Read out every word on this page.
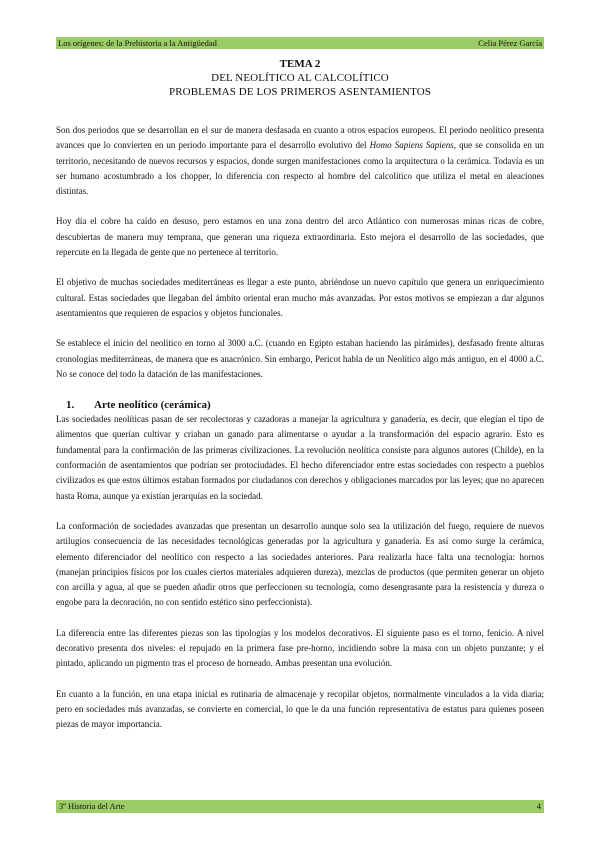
Los orígenes: de la Prehistoria a la Antigüedad	Celia Pérez García
TEMA 2
DEL NEOLÍTICO AL CALCOLÍTICO
PROBLEMAS DE LOS PRIMEROS ASENTAMIENTOS

Son dos periodos que se desarrollan en el sur de manera desfasada en cuanto a otros espacios europeos. El periodo neolítico presenta avances que lo convierten en un periodo importante para el desarrollo evolutivo del Homo Sapiens Sapiens, que se consolida en un territorio, necesitando de nuevos recursos y espacios, donde surgen manifestaciones como la arquitectura o la cerámica. Todavía es un ser humano acostumbrado a los chopper, lo diferencia con respecto al hombre del calcolítico que utiliza el metal en aleaciones distintas.

Hoy día el cobre ha caído en desuso, pero estamos en una zona dentro del arco Atlántico con numerosas minas ricas de cobre, descubiertas de manera muy temprana, que generan una riqueza extraordinaria. Esto mejora el desarrollo de las sociedades, que repercute en la llegada de gente que no pertenece al territorio.

El objetivo de muchas sociedades mediterráneas es llegar a este punto, abriéndose un nuevo capítulo que genera un enriquecimiento cultural. Estas sociedades que llegaban del ámbito oriental eran mucho más avanzadas. Por estos motivos se empiezan a dar algunos asentamientos que requieren de espacios y objetos funcionales.

Se establece el inicio del neolítico en torno al 3000 a.C. (cuando en Egipto estaban haciendo las pirámides), desfasado frente alturas cronologías mediterráneas, de manera que es anacrónico. Sin embargo, Pericot habla de un Neolítico algo más antiguo, en el 4000 a.C. No se conoce del todo la datación de las manifestaciones.

1. Arte neolítico (cerámica)

Las sociedades neolíticas pasan de ser recolectoras y cazadoras a manejar la agricultura y ganadería, es decir, que elegían el tipo de alimentos que querían cultivar y criaban un ganado para alimentarse o ayudar a la transformación del espacio agrario. Esto es fundamental para la confirmación de las primeras civilizaciones. La revolución neolítica consiste para algunos autores (Childe), en la conformación de asentamientos que podrían ser protociudades. El hecho diferenciador entre estas sociedades con respecto a pueblos civilizados es que estos últimos estaban formados por ciudadanos con derechos y obligaciones marcados por las leyes; que no aparecen hasta Roma, aunque ya existían jerarquías en la sociedad.

La conformación de sociedades avanzadas que presentan un desarrollo aunque solo sea la utilización del fuego, requiere de nuevos artilugios consecuencia de las necesidades tecnológicas generadas por la agricultura y ganadería. Es así como surge la cerámica, elemento diferenciador del neolítico con respecto a las sociedades anteriores. Para realizarla hace falta una tecnología: hornos (manejan principios físicos por los cuales ciertos materiales adquieren dureza), mezclas de productos (que permiten generar un objeto con arcilla y agua, al que se pueden añadir otros que perfeccionen su tecnología, como desengrasante para la resistencia y dureza o engobe para la decoración, no con sentido estético sino perfeccionista).

La diferencia entre las diferentes piezas son las tipologías y los modelos decorativos. El siguiente paso es el torno, fenicio. A nivel decorativo presenta dos niveles: el repujado en la primera fase pre-horno, incidiendo sobre la masa con un objeto punzante; y el pintado, aplicando un pigmento tras el proceso de horneado. Ambas presentan una evolución.

En cuanto a la función, en una etapa inicial es rutinaria de almacenaje y recopilar objetos, normalmente vinculados a la vida diaria; pero en sociedades más avanzadas, se convierte en comercial, lo que le da una función representativa de estatus para quienes poseen piezas de mayor importancia.

3º Historia del Arte	4
